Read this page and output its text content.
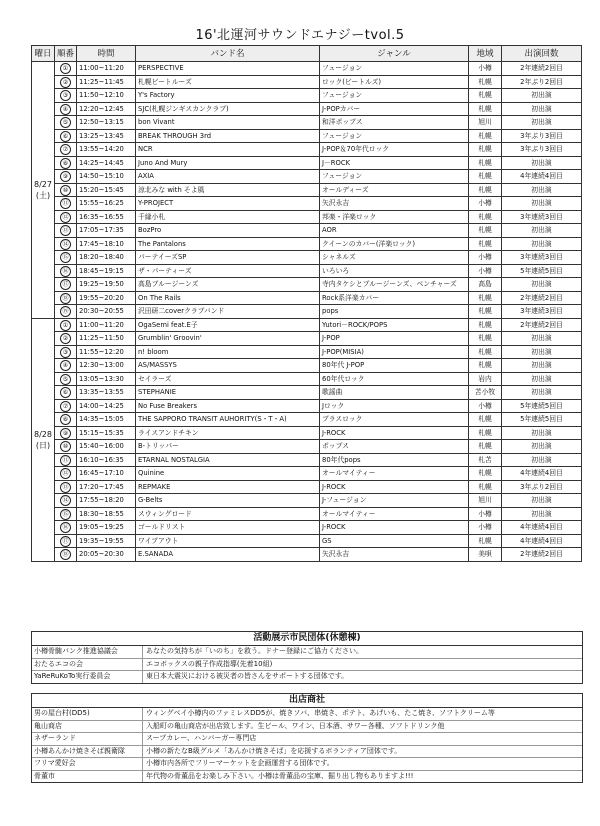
16'北運河サウンドエナジーtvol.5
曜日	順番	時間	バンド名	ジャンル	地域	出演回数

8/27
(土)	①	11:00~11:20	PERSPECTIVE	フュージョン	小樽	2年連続2回目
	②	11:25~11:45	札幌ビートルーズ	ロック(ビートルズ)	札幌	2年ぶり2回目
	③	11:50~12:10	Y's Factory	フュージョン	札幌	初出演
	④	12:20~12:45	SJC(札幌ジンギスカンクラブ)	J-POPカバー	札幌	初出演
	⑤	12:50~13:15	bon Vivant	和洋ポップス	旭川	初出演
	⑥	13:25~13:45	BREAK THROUGH 3rd	フュージョン	札幌	3年ぶり3回目
	⑦	13:55~14:20	NCR	J-POP＆70年代ロック	札幌	3年ぶり3回目
	⑧	14:25~14:45	Juno And Mury	J－ROCK	札幌	初出演
	⑨	14:50~15:10	AXIA	フュージョン	札幌	4年連続4回目
	⑩	15:20~15:45	涼北みな with そよ風	オールディーズ	札幌	初出演
	⑪	15:55~16:25	Y-PROJECT	矢沢永吉	小樽	初出演
	⑫	16:35~16:55	千縁小札	邦楽・洋楽ロック	札幌	3年連続3回目
	⑬	17:05~17:35	BozPro	AOR	札幌	初出演
	⑭	17:45~18:10	The Pantalons	クイーンのカバー(洋楽ロック)	札幌	初出演
	⑮	18:20~18:40	パーテイーズSP	シャネルズ	小樽	3年連続3回目
	⑯	18:45~19:15	ザ・パーティーズ	いろいろ	小樽	5年連続5回目
	⑰	19:25~19:50	高島ブルージーンズ	寺内タケシとブルージーンズ、ベンチャーズ	高島	初出演
	⑱	19:55~20:20	On The Rails	Rock系洋楽カバー	札幌	2年連続2回目
	⑲	20:30~20:55	沢田研二coverクラブバンド	pops	札幌	3年連続3回目

8/28
(日)	①	11:00~11:20	OgaSemi feat.E子	Yutori－ROCK/POPS	札幌	2年連続2回目
	②	11:25~11:50	Grumblin' Groovin'	J-POP	札幌	初出演
	③	11:55~12:20	n! bloom	J-POP(MISIA)	札幌	初出演
	④	12:30~13:00	AS/MASSYS	80年代 J-POP	札幌	初出演
	⑤	13:05~13:30	セイラーズ	60年代ロック	岩内	初出演
	⑥	13:35~13:55	STEPHANIE	歌謡曲	苫小牧	初出演
	⑦	14:00~14:25	No Fuse Breakers	Jロック	小樽	5年連続5回目
	⑧	14:35~15:05	THE SAPPORO TRANSIT AUHORITY(S・T・A)	ブラスロック	札幌	5年連続5回目
	⑨	15:15~15:35	ライスアンドチキン	J-ROCK	札幌	初出演
	⑩	15:40~16:00	B-トリッパー	ポップス	札幌	初出演
	⑪	16:10~16:35	ETARNAL NOSTALGIA	80年代pops	札苫	初出演
	⑫	16:45~17:10	Quinine	オールマイティー	札幌	4年連続4回目
	⑬	17:20~17:45	REPMAKE	J-ROCK	札幌	3年ぶり2回目
	⑭	17:55~18:20	G-Belts	J-フュージョン	旭川	初出演
	⑮	18:30~18:55	スウィングロード	オールマイティー	小樽	初出演
	⑯	19:05~19:25	ゴールドリスト	J-ROCK	小樽	4年連続4回目
	⑰	19:35~19:55	ワイプアウト	GS	札幌	4年連続4回目
	⑱	20:05~20:30	E.SANADA	矢沢永吉	美唄	2年連続2回目
活動展示市民団体(休憩棟)
小樽骨髄バンク推進協議会	あなたの気持ちが「いのち」を救う。ドナー登録にご協力ください。
おたるエコの会	エコボックスの親子作成指導(先着10組)
YaReRuKoTo実行委員会	東日本大震災における被災者の皆さんをサポートする団体です。
出店商社
男の屋台村(DD5)	ウィングベイ小樽内のファミレスDD5が、焼きソバ、串焼き、ポテト、あげいも、たこ焼き、ソフトクリーム等
亀山商店	入船町の亀山商店が出店致します。生ビール、ワイン、日本酒、サワー各種、ソフトドリンク他
ネザーランド	スープカレー、ハンバーガー専門店
小樽あんかけ焼きそば親衛隊	小樽の新たなB級グルメ「あんかけ焼きそば」を応援するボランティア団体です。
フリマ愛好会	小樽市内各所でフリーマーケットを企画運営する団体です。
骨董市	年代物の骨董品をお楽しみ下さい。小樽は骨董品の宝庫、掘り出し物もありますよ!!!
